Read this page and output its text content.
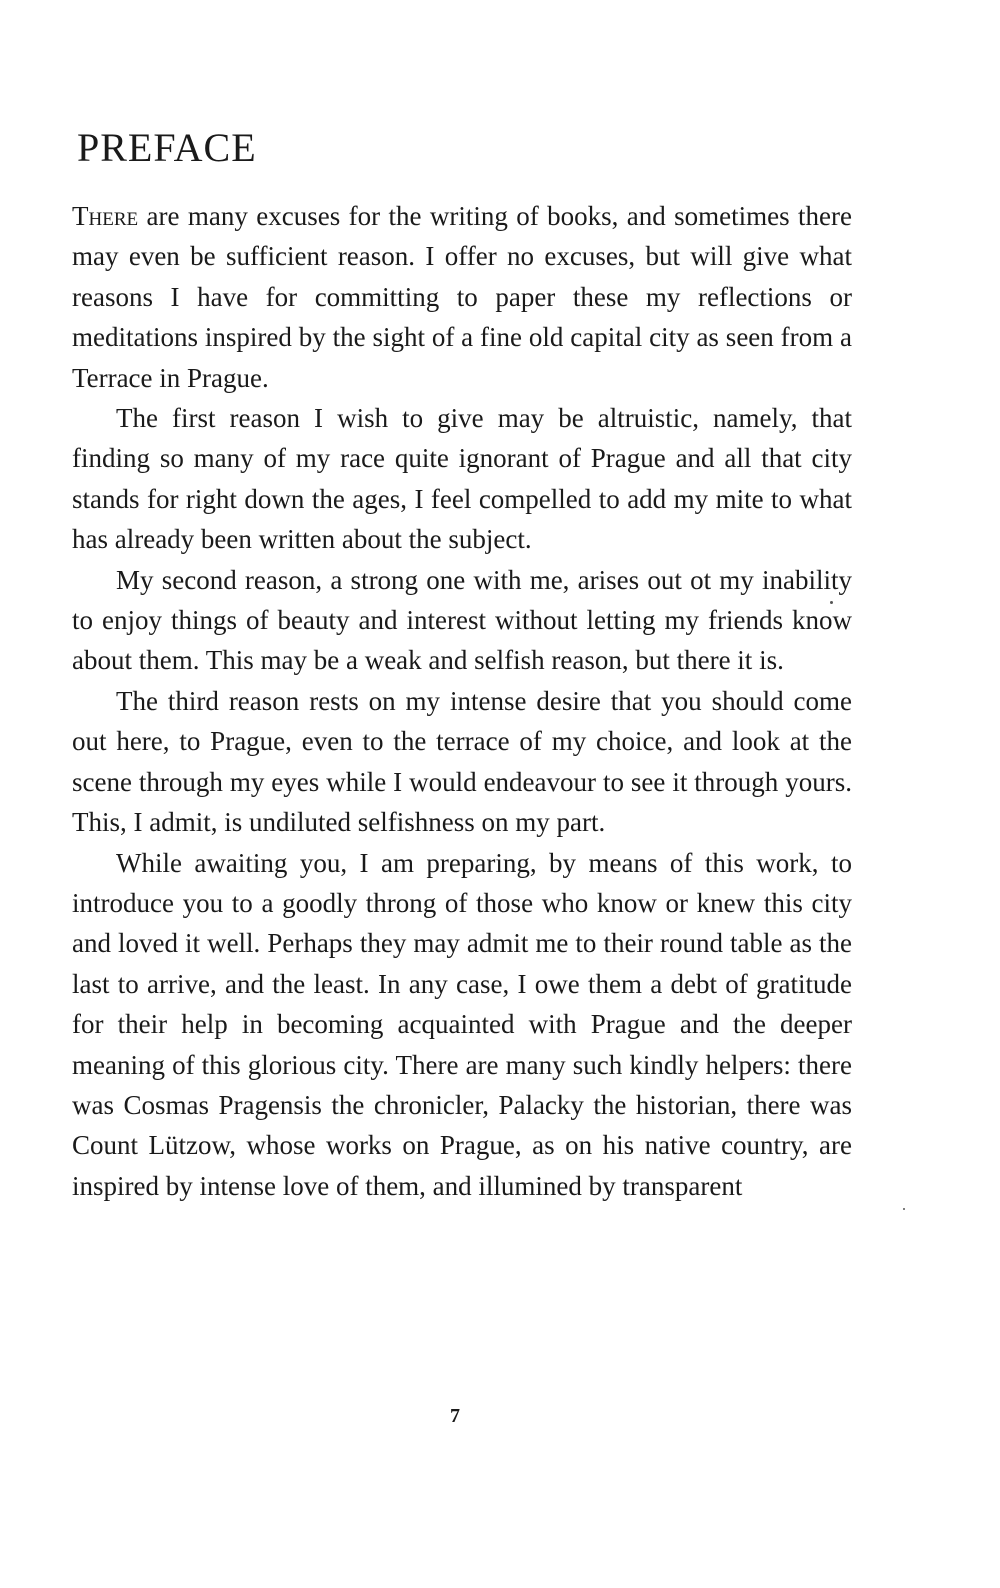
PREFACE

There are many excuses for the writing of books, and sometimes there may even be sufficient reason. I offer no excuses, but will give what reasons I have for committing to paper these my reflections or meditations inspired by the sight of a fine old capital city as seen from a Terrace in Prague.

The first reason I wish to give may be altruistic, namely, that finding so many of my race quite ignorant of Prague and all that city stands for right down the ages, I feel compelled to add my mite to what has already been written about the subject.

My second reason, a strong one with me, arises out ot my inability to enjoy things of beauty and interest without letting my friends know about them. This may be a weak and selfish reason, but there it is.

The third reason rests on my intense desire that you should come out here, to Prague, even to the terrace of my choice, and look at the scene through my eyes while I would endeavour to see it through yours. This, I admit, is undiluted selfishness on my part.

While awaiting you, I am preparing, by means of this work, to introduce you to a goodly throng of those who know or knew this city and loved it well. Perhaps they may admit me to their round table as the last to arrive, and the least. In any case, I owe them a debt of gratitude for their help in becoming acquainted with Prague and the deeper meaning of this glorious city. There are many such kindly helpers: there was Cosmas Pragensis the chronicler, Palacky the historian, there was Count Lützow, whose works on Prague, as on his native country, are inspired by intense love of them, and illumined by transparent

7
